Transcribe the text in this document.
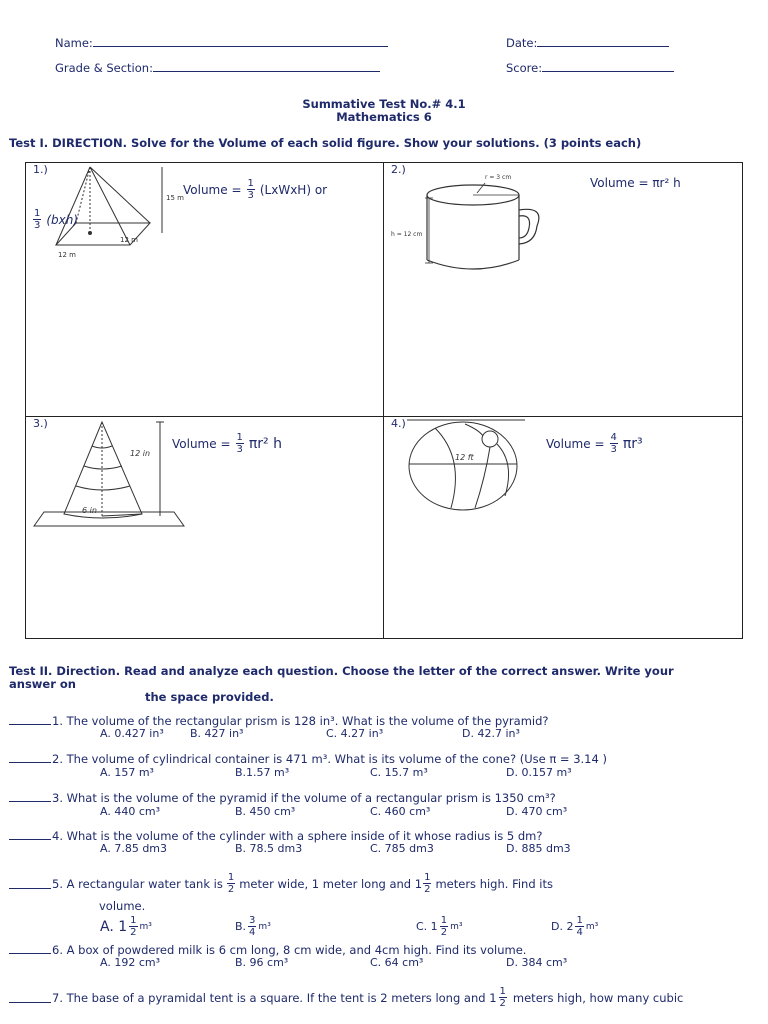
Name:	Date:
Grade & Section:	Score:
Summative Test No.# 4.1
Mathematics 6
Test I. DIRECTION. Solve for the Volume of each solid figure. Show your solutions. (3 points each)
1.)
15 m
12 m
12 m
Volume = $\frac{1}{3}$ (LxWxH) or
$\frac{1}{3} (bxh)$
2.)
r = 3 cm
h = 12 cm
Volume = πr² h
3.)
12 in
6 in
Volume = $\frac{1}{3} \pi r^2$ h
4.)
12 ft
Volume = $\frac{4}{3} \pi r^3$
Test II. Direction. Read and analyze each question. Choose the letter of the correct answer. Write your
answer on
the space provided.
1. The volume of the rectangular prism is 128 in³. What is the volume of the pyramid?
A. 0.427 in³ B. 427 in³	C. 4.27 in³	D. 42.7 in³
2. The volume of cylindrical container is 471 m³. What is its volume of the cone? (Use π = 3.14 )
A. 157 m³	B.1.57 m³	C. 15.7 m³	D. 0.157 m³
3. What is the volume of the pyramid if the volume of a rectangular prism is 1350 cm³?
A. 440 cm³	B. 450 cm³	C. 460 cm³	D. 470 cm³
4. What is the volume of the cylinder with a sphere inside of it whose radius is 5 dm?
A. 7.85 dm3	B. 78.5 dm3	C. 785 dm3	D. 885 dm3
5. A rectangular water tank is $\frac{1}{2}$ meter wide, 1 meter long and $1 \frac{1}{2}$ meters high. Find its
volume.
A. $1 \frac{1}{2} m^3$	B. $\frac{3}{4} m^3$	C. $1 \frac{1}{2} m^3$	D. $2 \frac{1}{4} m^3$
6. A box of powdered milk is 6 cm long, 8 cm wide, and 4cm high. Find its volume.
A. 192 cm³	B. 96 cm³	C. 64 cm³	D. 384 cm³
7. The base of a pyramidal tent is a square. If the tent is 2 meters long and $1 \frac{1}{2}$ meters high, how many cubic
